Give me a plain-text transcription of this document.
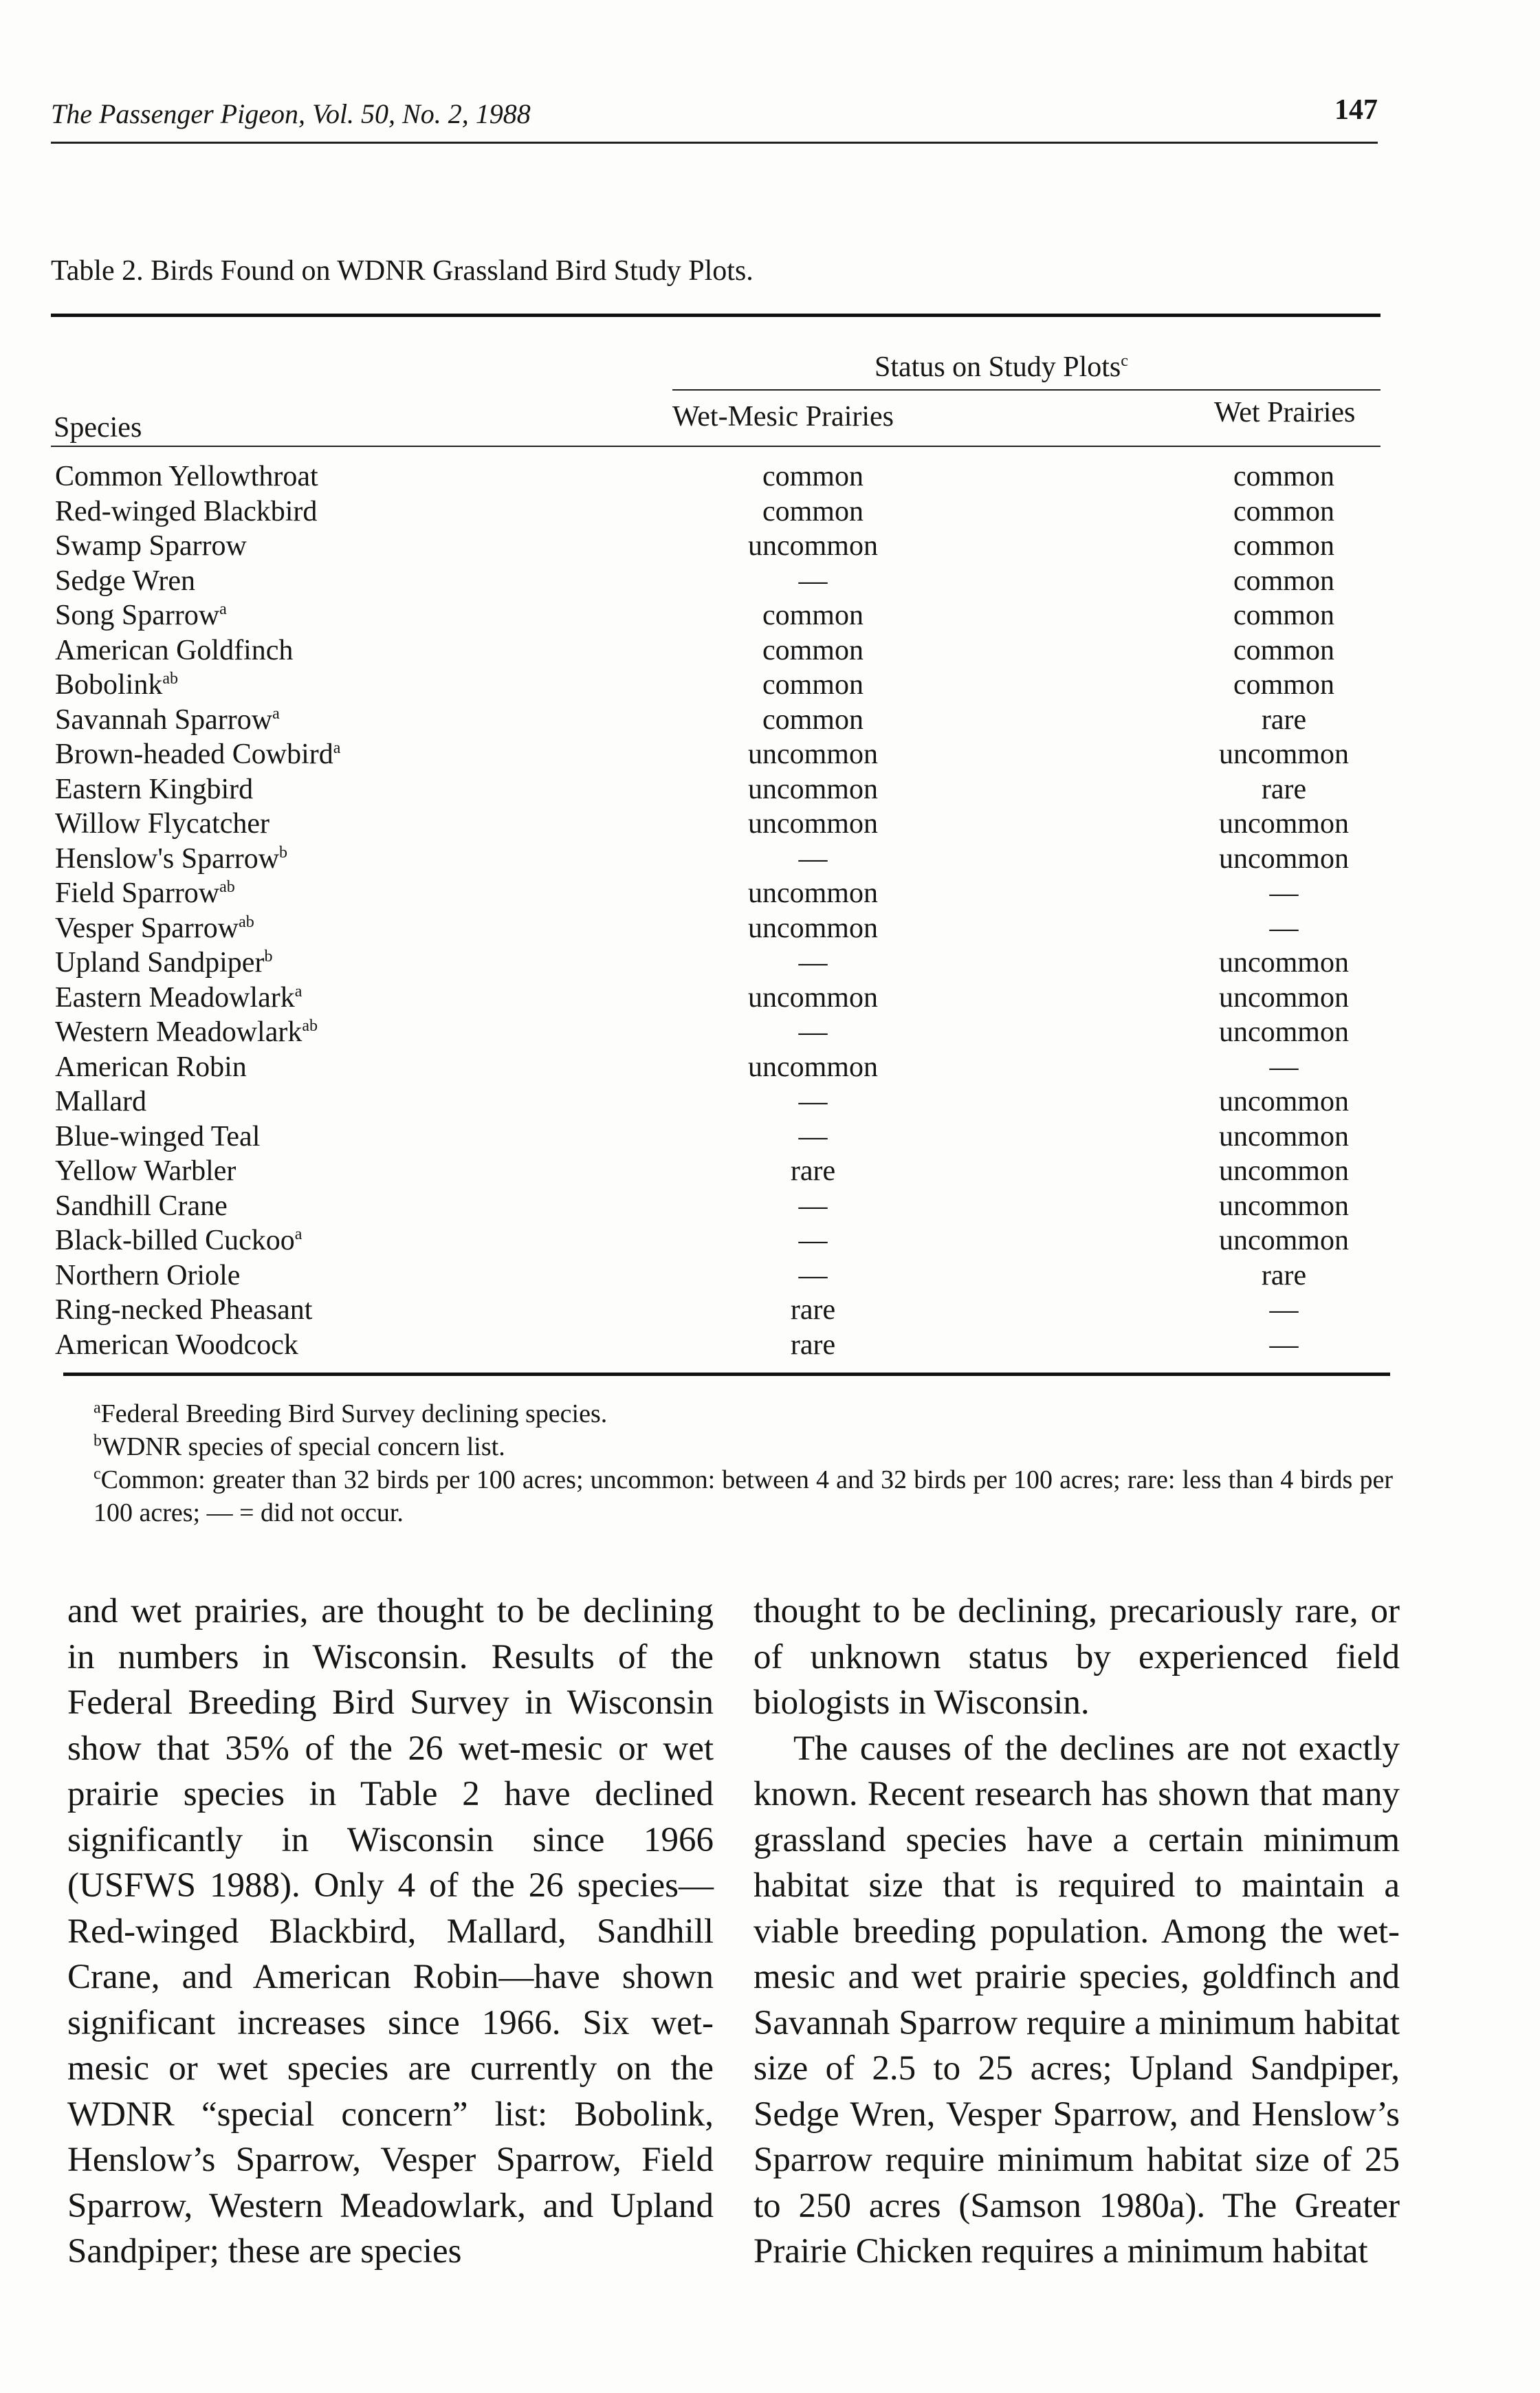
The Passenger Pigeon, Vol. 50, No. 2, 1988	147
Table 2. Birds Found on WDNR Grassland Bird Study Plots.
Status on Study Plots$^c$
Species	Wet-Mesic Prairies	Wet Prairies
Common Yellowthroat	common	common
Red-winged Blackbird	common	common
Swamp Sparrow	uncommon	common
Sedge Wren	—	common
Song Sparrow$^a$	common	common
American Goldfinch	common	common
Bobolink$^{ab}$	common	common
Savannah Sparrow$^a$	common	rare
Brown-headed Cowbird$^a$	uncommon	uncommon
Eastern Kingbird	uncommon	rare
Willow Flycatcher	uncommon	uncommon
Henslow's Sparrow$^b$	—	uncommon
Field Sparrow$^{ab}$	uncommon	—
Vesper Sparrow$^{ab}$	uncommon	—
Upland Sandpiper$^b$	—	uncommon
Eastern Meadowlark$^a$	uncommon	uncommon
Western Meadowlark$^{ab}$	—	uncommon
American Robin	uncommon	—
Mallard	—	uncommon
Blue-winged Teal	—	uncommon
Yellow Warbler	rare	uncommon
Sandhill Crane	—	uncommon
Black-billed Cuckoo$^a$	—	uncommon
Northern Oriole	—	rare
Ring-necked Pheasant	rare	—
American Woodcock	rare	—
$^a$Federal Breeding Bird Survey declining species.
$^b$WDNR species of special concern list.
$^c$Common: greater than 32 birds per 100 acres; uncommon: between 4 and 32 birds per 100 acres; rare: less than 4 birds per 100 acres; — = did not occur.

and wet prairies, are thought to be declining in numbers in Wisconsin. Results of the Federal Breeding Bird Survey in Wisconsin show that 35% of the 26 wet-mesic or wet prairie species in Table 2 have declined significantly in Wisconsin since 1966 (USFWS 1988). Only 4 of the 26 species—Red-winged Blackbird, Mallard, Sandhill Crane, and American Robin—have shown significant increases since 1966. Six wet-mesic or wet species are currently on the WDNR “special concern” list: Bobolink, Henslow’s Sparrow, Vesper Sparrow, Field Sparrow, Western Meadowlark, and Upland Sandpiper; these are species

thought to be declining, precariously rare, or of unknown status by experienced field biologists in Wisconsin.

The causes of the declines are not exactly known. Recent research has shown that many grassland species have a certain minimum habitat size that is required to maintain a viable breeding population. Among the wet-mesic and wet prairie species, goldfinch and Savannah Sparrow require a minimum habitat size of 2.5 to 25 acres; Upland Sandpiper, Sedge Wren, Vesper Sparrow, and Henslow’s Sparrow require minimum habitat size of 25 to 250 acres (Samson 1980a). The Greater Prairie Chicken requires a minimum habitat
